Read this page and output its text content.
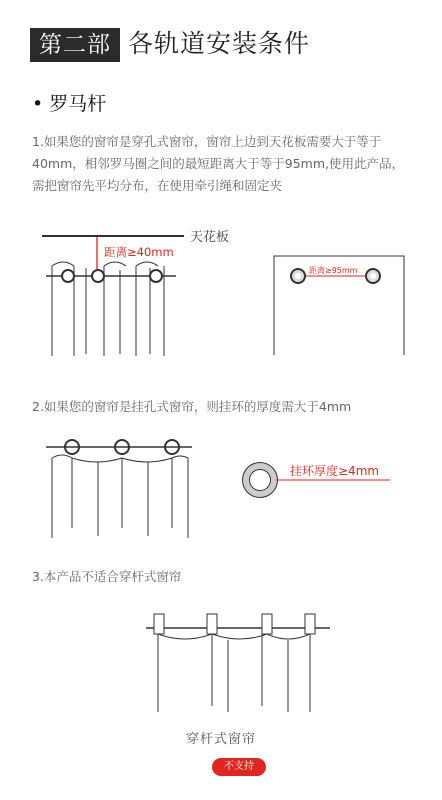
第二部 各轨道安装条件
• 罗马杆
1.如果您的窗帘是穿孔式窗帘，窗帘上边到天花板需要大于等于40mm，相邻罗马圈之间的最短距离大于等于95mm,使用此产品，需把窗帘先平均分布，在使用牵引绳和固定夹
天花板
距离≥40mm
距离≥95mm
2.如果您的窗帘是挂孔式窗帘，则挂环的厚度需大于4mm
挂环厚度≥4mm
3.本产品不适合穿杆式窗帘
穿杆式窗帘
不支持
